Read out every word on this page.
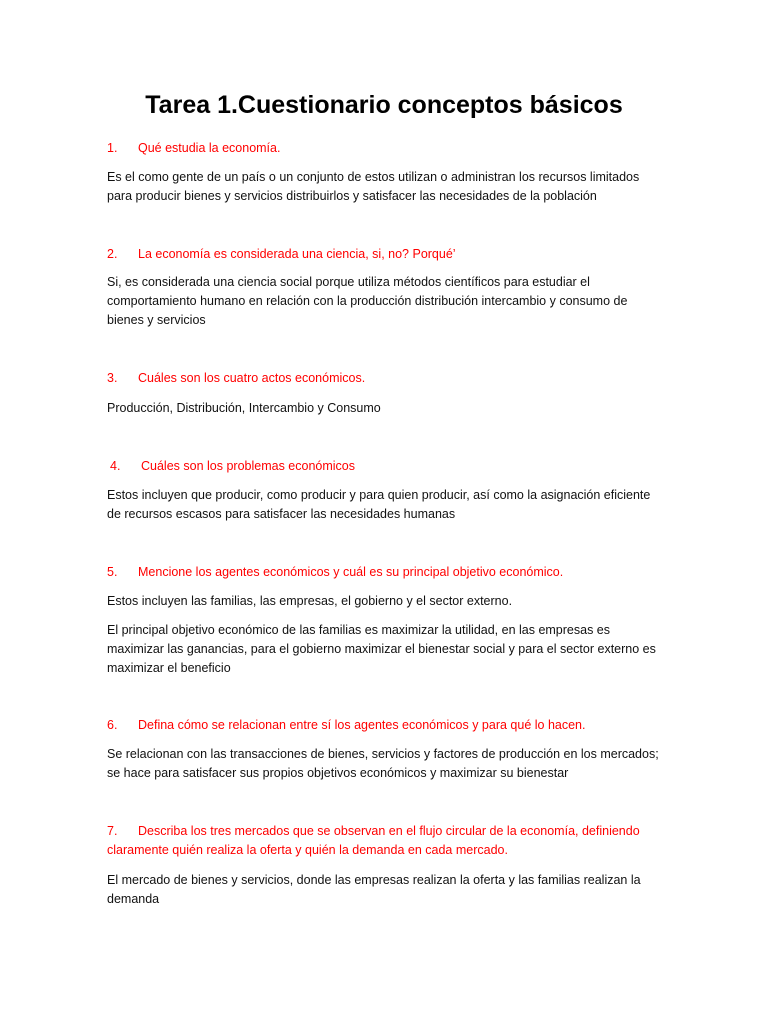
Tarea 1.Cuestionario conceptos básicos

1. Qué estudia la economía.

Es el como gente de un país o un conjunto de estos utilizan o administran los recursos limitados para producir bienes y servicios distribuirlos y satisfacer las necesidades de la población

2. La economía es considerada una ciencia, si, no? Porqué’

Si, es considerada una ciencia social porque utiliza métodos científicos para estudiar el comportamiento humano en relación con la producción distribución intercambio y consumo de bienes y servicios

3. Cuáles son los cuatro actos económicos.

Producción, Distribución, Intercambio y Consumo

4. Cuáles son los problemas económicos

Estos incluyen que producir, como producir y para quien producir, así como la asignación eficiente de recursos escasos para satisfacer las necesidades humanas

5. Mencione los agentes económicos y cuál es su principal objetivo económico.

Estos incluyen las familias, las empresas, el gobierno y el sector externo.

El principal objetivo económico de las familias es maximizar la utilidad, en las empresas es maximizar las ganancias, para el gobierno maximizar el bienestar social y para el sector externo es maximizar el beneficio

6. Defina cómo se relacionan entre sí los agentes económicos y para qué lo hacen.

Se relacionan con las transacciones de bienes, servicios y factores de producción en los mercados; se hace para satisfacer sus propios objetivos económicos y maximizar su bienestar

7. Describa los tres mercados que se observan en el flujo circular de la economía, definiendo claramente quién realiza la oferta y quién la demanda en cada mercado.

El mercado de bienes y servicios, donde las empresas realizan la oferta y las familias realizan la demanda
